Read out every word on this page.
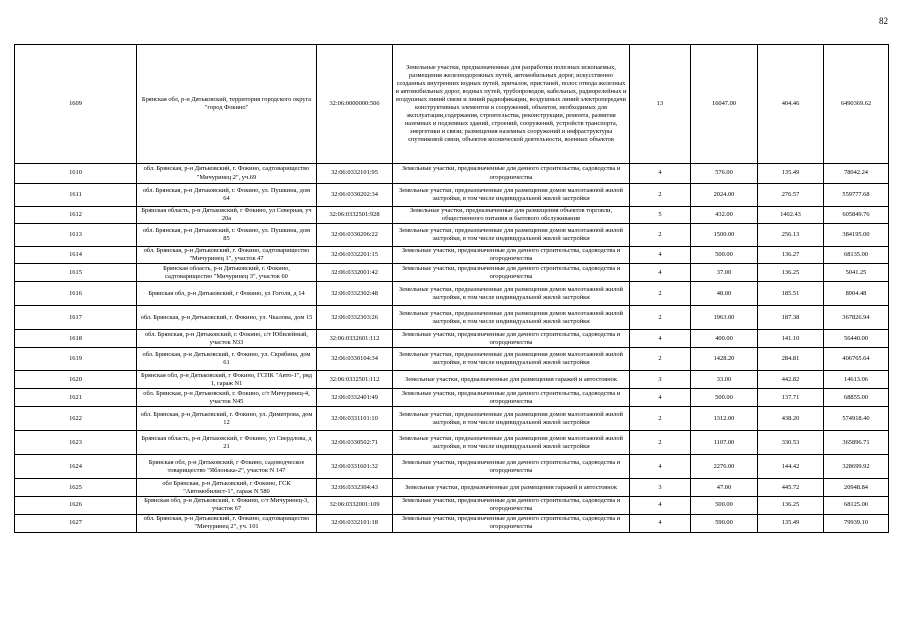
82
1609	Брянская обл, р-н Дятьковский, территория городского округа "город Фокино"	32:06:0000000:506	Земельные участки, предназначенные для разработки полезных ископаемых, размещения железнодорожных путей, автомобильных дорог, искусственно созданных внутренних водных путей, причалов, пристаней, полос отвода железных и автомобильных дорог, водных путей, трубопроводов, кабельных, радиорелейных и воздушных линий связи и линий радиофикации, воздушных линий электропередачи конструктивных элементов и сооружений, объектов, необходимых для эксплуатации,содержания, строительства, реконструкции, ремонта, развития наземных и подземных зданий, строений, сооружений, устройств транспорта, энергетики и связи; размещения наземных сооружений и инфраструктуры спутниковой связи, объектов космической деятельности, военных объектов	13	16047.00	404.46	6490369.62
1610	обл. Брянская, р-н Дятьковский, г. Фокино, садтоварищество "Мичуринец 2", уч.69	32:06:0332101:95	Земельные участки, предназначенные для дачного строительства, садоводства и огородничества	4	576.00	135.49	78042.24
1611	обл. Брянская, р-н Дятьковский, г. Фокино, ул. Пушкина, дом 64	32:06:0330202:34	Земельные участки, предназначенные для размещения домов малоэтажной жилой застройки, в том числе индивидуальной жилой застройки	2	2024.00	276.57	559777.68
1612	Брянская область, р-н Дятьковский, г Фокино, ул Северная, уч 20а	32:06:0332501:928	Земельные участки, предназначенные для размещения объектов торговли, общественного питания и бытового обслуживания	5	432.00	1402.43	605849.76
1613	обл. Брянская, р-н Дятьковский, г. Фокино, ул. Пушкина, дом 85	32:06:0330206:22	Земельные участки, предназначенные для размещения домов малоэтажной жилой застройки, в том числе индивидуальной жилой застройки	2	1500.00	256.13	384195.00
1614	обл. Брянская, р-н Дятьковский, г. Фокино, садтоварищество "Мичуринец 1", участок 47	32:06:0332201:15	Земельные участки, предназначенные для дачного строительства, садоводства и огородничества	4	500.00	136.27	68135.00
1615	Брянская область, р-н Дятьковский, г. Фокино, садтоварищество "Мичуринец 3", участок 60	32:06:0332001:42	Земельные участки, предназначенные для дачного строительства, садоводства и огородничества	4	37.00	136.25	5041.25
1616	Брянская обл, р-н Дятьковский, г Фокино, ул Гоголя, д 14	32:06:0332302:48	Земельные участки, предназначенные для размещения домов малоэтажной жилой застройки, в том числе индивидуальной жилой застройки	2	48.00	185.51	8904.48
1617	обл. Брянская, р-н Дятьковский, г. Фокино, ул. Чкалова, дом 15	32:06:0332303:26	Земельные участки, предназначенные для размещения домов малоэтажной жилой застройки, в том числе индивидуальной жилой застройки	2	1963.00	187.38	367826.94
1618	обл. Брянская, р-н Дятьковский, г. Фокино, с/т Юбилейный, участок N33	32:06:0332601:112	Земельные участки, предназначенные для дачного строительства, садоводства и огородничества	4	400.00	141.10	56440.00
1619	обл. Брянская, р-н Дятьковский, г. Фокино, ул. Скрябина, дом 61	32:06:0330104:34	Земельные участки, предназначенные для размещения домов малоэтажной жилой застройки, в том числе индивидуальной жилой застройки	2	1428.20	284.81	406765.64
1620	Брянская обл, р-н Дятьковский, г Фокино, ГСПК "Авто-1", ряд 1, гараж N1	32:06:0332501:112	Земельные участки, предназначенные для размещения гаражей и автостоянок	3	33.00	442.82	14613.06
1621	обл. Брянская, р-н Дятьковский, г. Фокино, с/т Мичуринец-4, участок N45	32:06:0332401:49	Земельные участки, предназначенные для дачного строительства, садоводства и огородничества	4	500.00	137.71	68855.00
1622	обл. Брянская, р-н Дятьковский, г. Фокино, ул. Димитрова, дом 12	32:06:0331101:10	Земельные участки, предназначенные для размещения домов малоэтажной жилой застройки, в том числе индивидуальной жилой застройки	2	1312.00	438.20	574918.40
1623	Брянская область, р-н Дятьковский, г Фокино, ул Свердлова, д 21	32:06:0330502:71	Земельные участки, предназначенные для размещения домов малоэтажной жилой застройки, в том числе индивидуальной жилой застройки	2	1107.00	330.53	365896.71
1624	Брянская обл, р-н Дятьковский, г Фокино, садоводческое товарищество "Яблонька-2", участок N 147	32:06:0331601:32	Земельные участки, предназначенные для дачного строительства, садоводства и огородничества	4	2276.00	144.42	328699.92
1625	обл Брянская, р-н Дятьковский, г Фокино, ГСК "Автомобилист-1", гараж N 580	32:06:0332304:43	Земельные участки, предназначенные для размещения гаражей и автостоянок	3	47.00	445.72	20948.84
1626	Брянская обл, р-н Дятьковский, г. Фокино, с/т Мичуринец-3, участок 67	32:06:0332001:109	Земельные участки, предназначенные для дачного строительства, садоводства и огородничества	4	500.00	136.25	68125.00
1627	обл. Брянская, р-н Дятьковский, г. Фокино, садтоварищество "Мичуринец 2", уч. 101	32:06:0332101:18	Земельные участки, предназначенные для дачного строительства, садоводства и огородничества	4	590.00	135.49	79939.10
